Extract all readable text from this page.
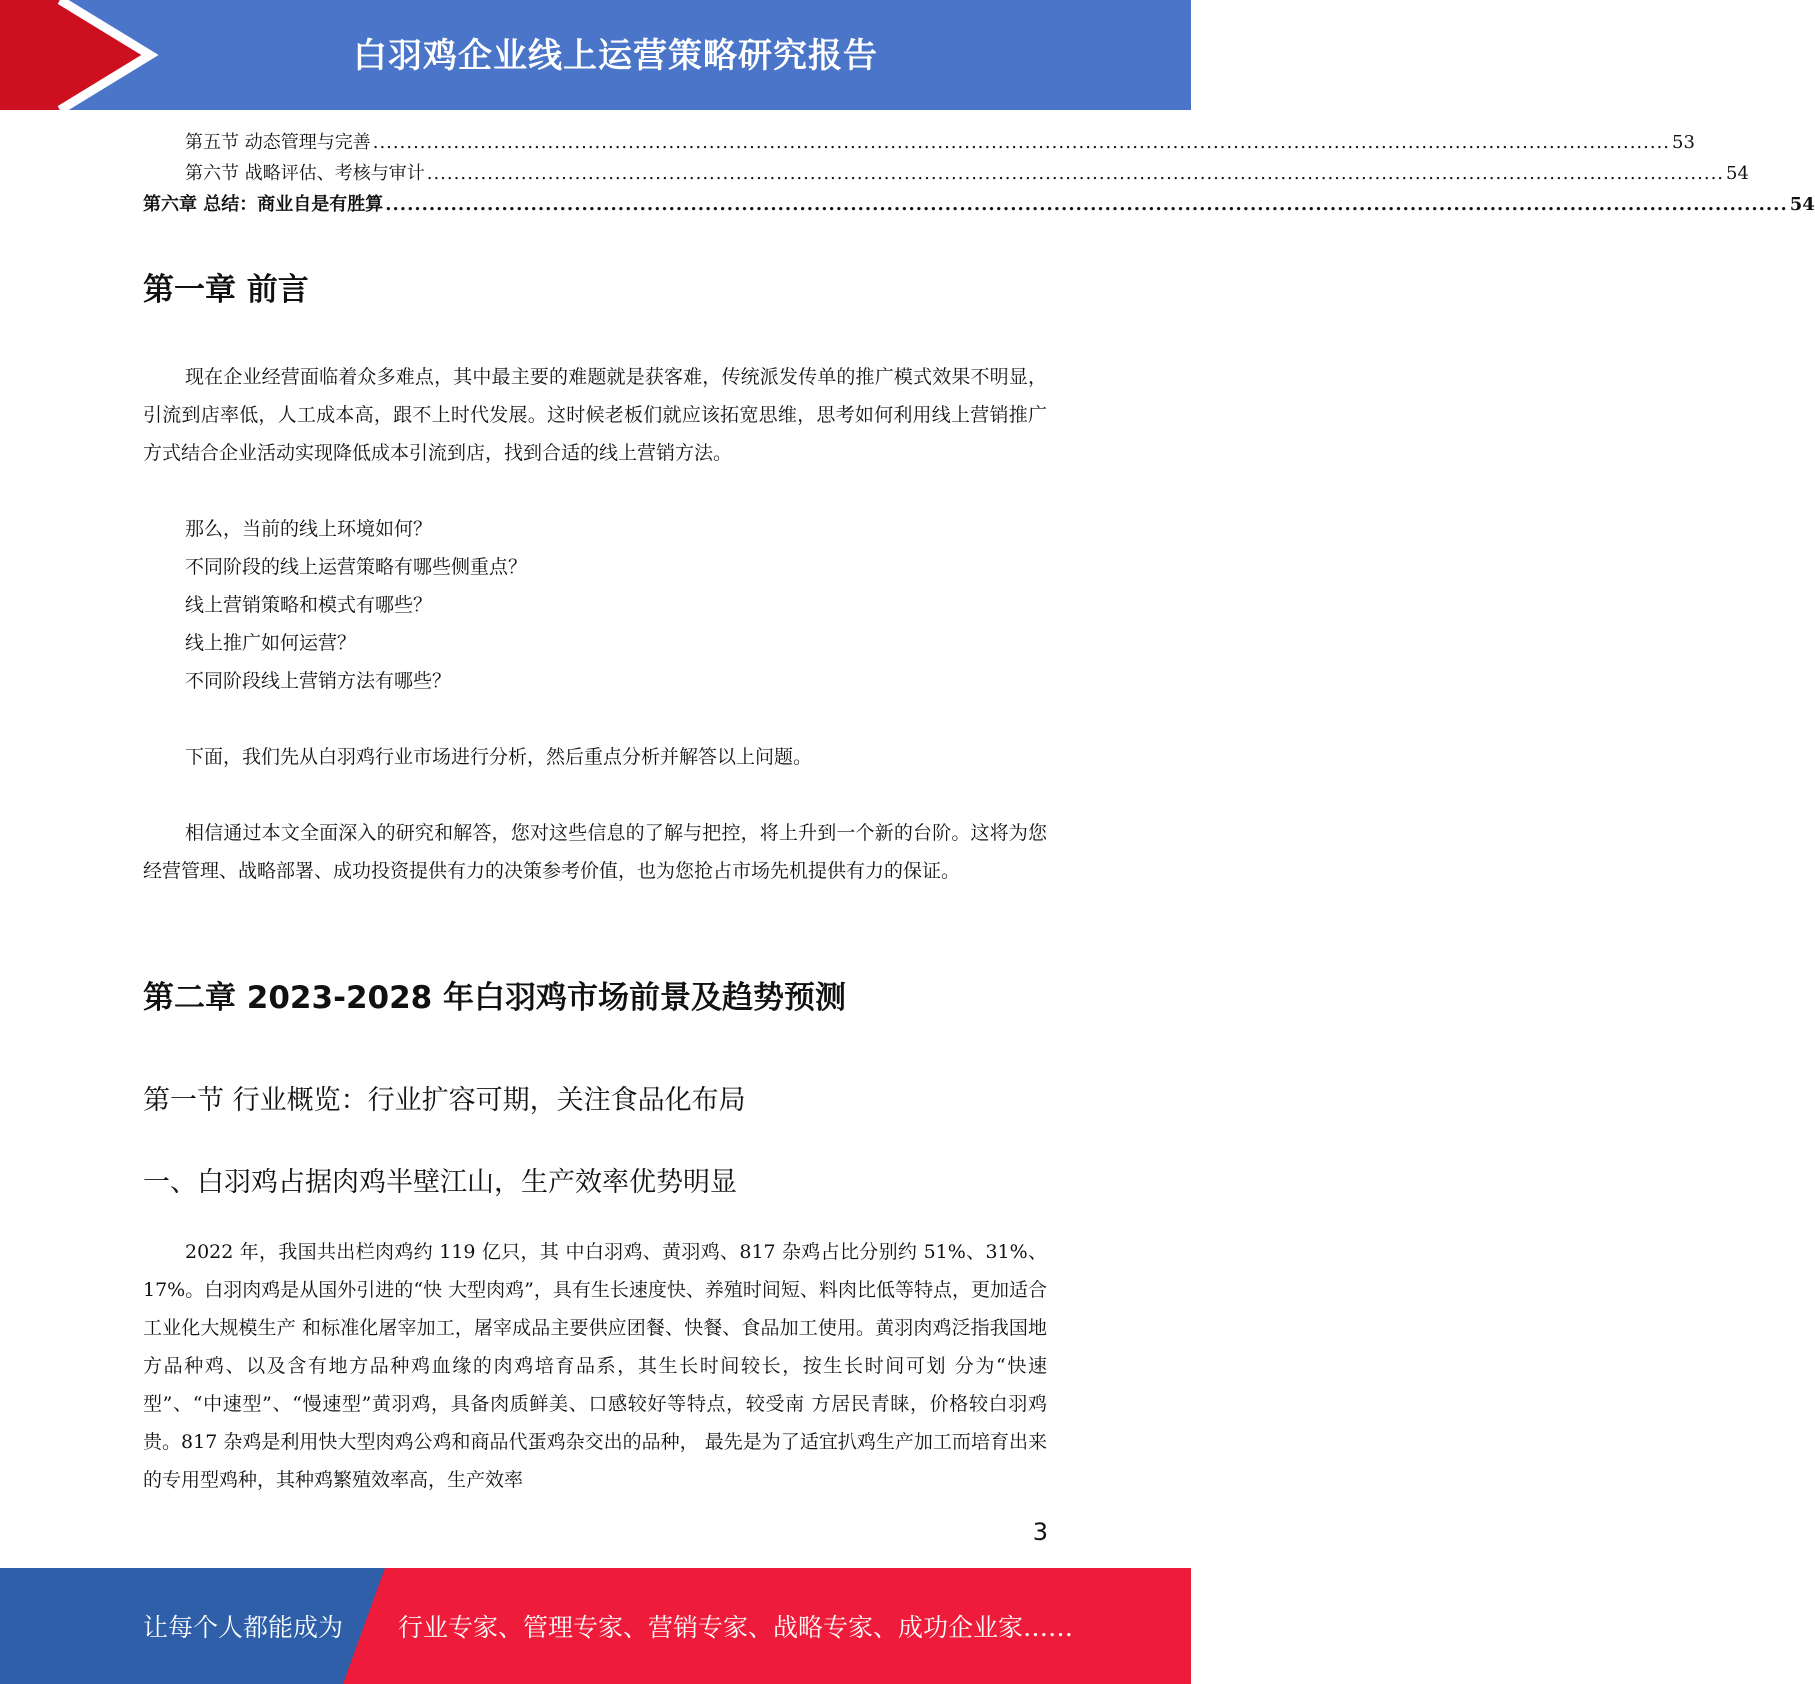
白羽鸡企业线上运营策略研究报告
第五节 动态管理与完善 ................................................................................................................................................................................................. 53
第六节 战略评估、考核与审计 ................................................................................................................................................................................................. 54
第六章 总结：商业自是有胜算 ................................................................................................................................................................................................. 54
第一章 前言
现在企业经营面临着众多难点，其中最主要的难题就是获客难，传统派发传单的推广模式效果不明显，引流到店率低，人工成本高，跟不上时代发展。这时候老板们就应该拓宽思维，思考如何利用线上营销推广方式结合企业活动实现降低成本引流到店，找到合适的线上营销方法。
那么，当前的线上环境如何？
不同阶段的线上运营策略有哪些侧重点？
线上营销策略和模式有哪些？
线上推广如何运营？
不同阶段线上营销方法有哪些？
下面，我们先从白羽鸡行业市场进行分析，然后重点分析并解答以上问题。
相信通过本文全面深入的研究和解答，您对这些信息的了解与把控，将上升到一个新的台阶。这将为您经营管理、战略部署、成功投资提供有力的决策参考价值，也为您抢占市场先机提供有力的保证。
第二章 2023-2028 年白羽鸡市场前景及趋势预测
第一节 行业概览：行业扩容可期，关注食品化布局
一、白羽鸡占据肉鸡半壁江山，生产效率优势明显
2022 年，我国共出栏肉鸡约 119 亿只，其 中白羽鸡、黄羽鸡、817 杂鸡占比分别约 51%、31%、17%。白羽肉鸡是从国外引进的“快 大型肉鸡”，具有生长速度快、养殖时间短、料肉比低等特点，更加适合工业化大规模生产 和标准化屠宰加工，屠宰成品主要供应团餐、快餐、食品加工使用。黄羽肉鸡泛指我国地 方品种鸡、以及含有地方品种鸡血缘的肉鸡培育品系，其生长时间较长，按生长时间可划 分为“快速型”、“中速型”、“慢速型”黄羽鸡，具备肉质鲜美、口感较好等特点，较受南 方居民青睐，价格较白羽鸡贵。817 杂鸡是利用快大型肉鸡公鸡和商品代蛋鸡杂交出的品种， 最先是为了适宜扒鸡生产加工而培育出来的专用型鸡种，其种鸡繁殖效率高，生产效率
3
让每个人都能成为 行业专家、管理专家、营销专家、战略专家、成功企业家……
